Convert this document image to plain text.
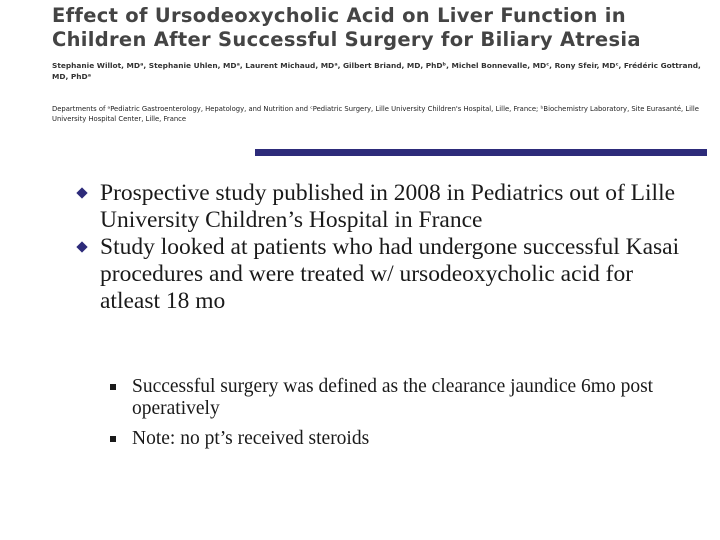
Effect of Ursodeoxycholic Acid on Liver Function in
Children After Successful Surgery for Biliary Atresia
Stephanie Willot, MDᵃ, Stephanie Uhlen, MDᵃ, Laurent Michaud, MDᵃ, Gilbert Briand, MD, PhDᵇ, Michel Bonnevalle, MDᶜ, Rony Sfeir, MDᶜ, Frédéric Gottrand, MD, PhDᵃ
Departments of ᵃPediatric Gastroenterology, Hepatology, and Nutrition and ᶜPediatric Surgery, Lille University Children's Hospital, Lille, France; ᵇBiochemistry Laboratory, Site Eurasanté, Lille University Hospital Center, Lille, France
Prospective study published in 2008 in Pediatrics out of Lille University Children’s Hospital in France
Study looked at patients who had undergone successful Kasai procedures and were treated w/ ursodeoxycholic acid for atleast 18 mo
Successful surgery was defined as the clearance jaundice 6mo post operatively
Note: no pt’s received steroids
